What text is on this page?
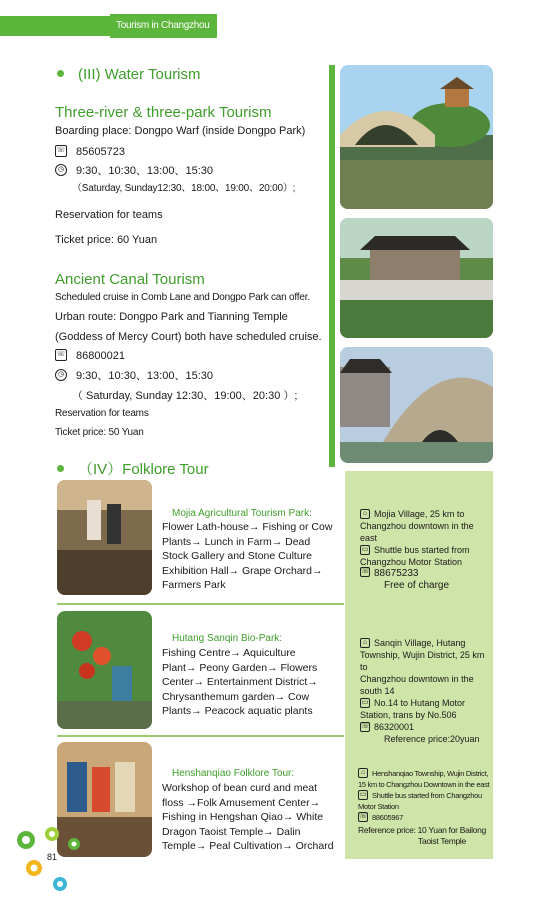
Tourism in Changzhou
(III) Water Tourism
Three-river & three-park Tourism
Boarding place: Dongpo Warf (inside Dongpo Park)
☏ 85605723
◷ 9:30、10:30、13:00、15:30
（Saturday, Sunday12:30、18:00、19:00、20:00）;
Reservation for teams
Ticket price: 60 Yuan
Ancient Canal Tourism
Scheduled cruise in Comb Lane and Dongpo Park can offer.
Urban route: Dongpo Park and Tianning Temple
(Goddess of Mercy Court) both have scheduled cruise.
☏ 86800021
◷ 9:30、10:30、13:00、15:30
（ Saturday, Sunday 12:30、19:00、20:30 ）;
Reservation for teams
Ticket price: 50 Yuan
（IV）Folklore Tour
Mojia Agricultural Tourism Park:
Flower Lath-house→ Fishing or Cow
Plants→ Lunch in Farm→ Dead
Stock Gallery and Stone Culture
Exhibition Hall→ Grape Orchard→
Farmers Park
⌂ Mojia Village, 25 km to
Changzhou downtown in the east
▭ Shuttle bus started from
Changzhou Motor Station
☏ 88675233
Free of charge
Hutang Sanqin Bio-Park:
Fishing Centre→ Aquiculture
Plant→ Peony Garden→ Flowers
Center→ Entertainment District→
Chrysanthemum garden→ Cow
Plants→ Peacock aquatic plants
⌂ Sanqin Village, Hutang
Township, Wujin District, 25 km to
Changzhou downtown in the south 14
▭ No.14 to Hutang Motor
Station, trans by No.506
☏ 86320001
Reference price:20yuan
Henshanqiao Folklore Tour:
Workshop of bean curd and meat
floss →Folk Amusement Center→
Fishing in Hengshan Qiao→ White
Dragon Taoist Temple→ Dalin
Temple→ Peal Cultivation→ Orchard
⌂ Henshanqiao Township, Wujin District,
15 km to Changzhou Downtown in the east
▭ Shuttle bus started from Changzhou
Motor Station
☏ 88605967
Reference price: 10 Yuan for Bailong
Taoist Temple
81
